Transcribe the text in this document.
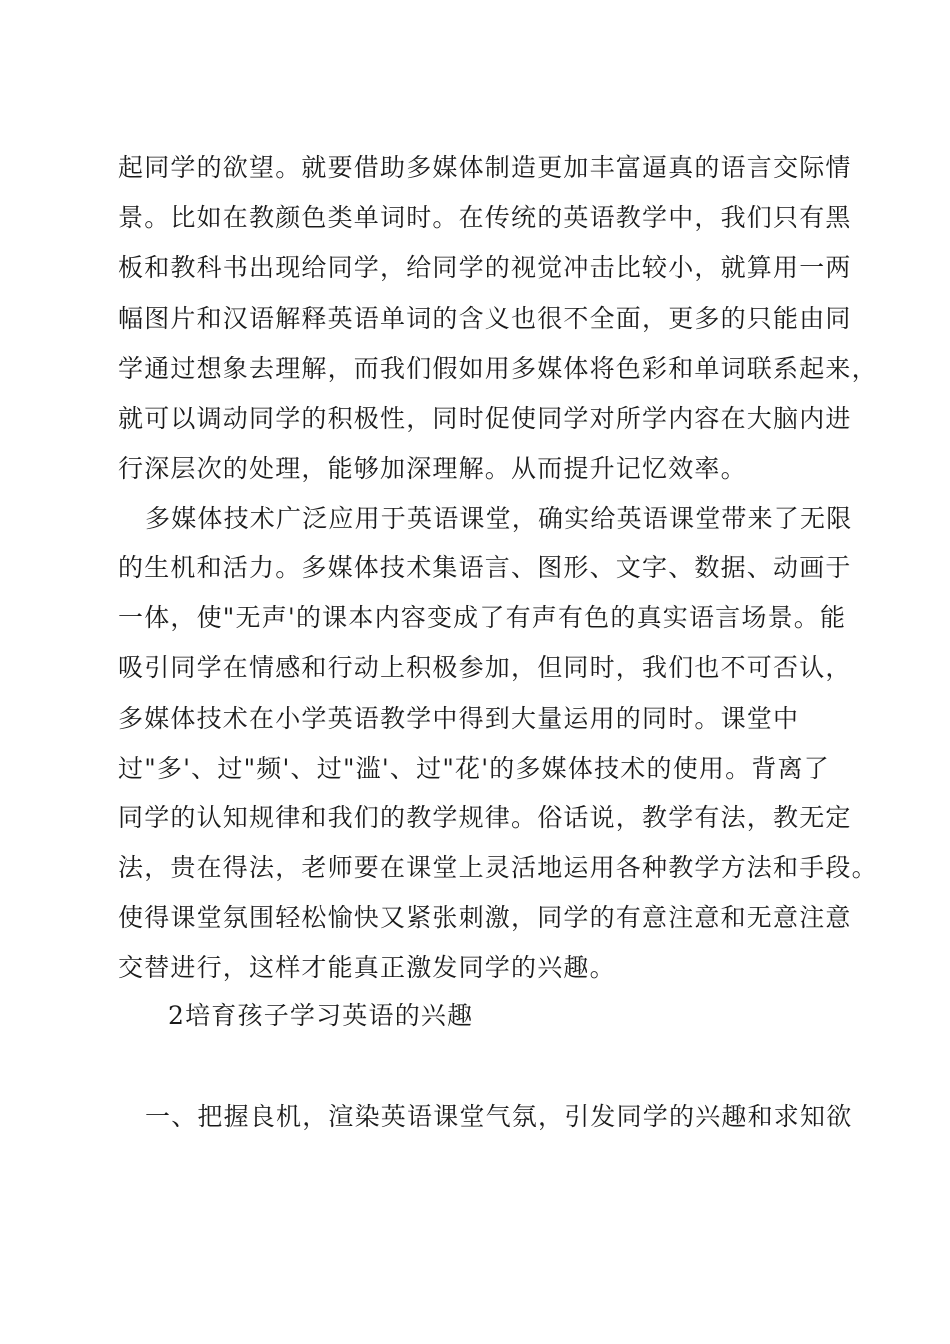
起同学的欲望。就要借助多媒体制造更加丰富逼真的语言交际情
景。比如在教颜色类单词时。在传统的英语教学中，我们只有黑
板和教科书出现给同学，给同学的视觉冲击比较小，就算用一两
幅图片和汉语解释英语单词的含义也很不全面，更多的只能由同
学通过想象去理解，而我们假如用多媒体将色彩和单词联系起来，
就可以调动同学的积极性，同时促使同学对所学内容在大脑内进
行深层次的处理，能够加深理解。从而提升记忆效率。
多媒体技术广泛应用于英语课堂，确实给英语课堂带来了无限
的生机和活力。多媒体技术集语言、图形、文字、数据、动画于
一体，使"无声'的课本内容变成了有声有色的真实语言场景。能
吸引同学在情感和行动上积极参加，但同时，我们也不可否认，
多媒体技术在小学英语教学中得到大量运用的同时。课堂中
过"多'、过"频'、过"滥'、过"花'的多媒体技术的使用。背离了
同学的认知规律和我们的教学规律。俗话说，教学有法，教无定
法，贵在得法，老师要在课堂上灵活地运用各种教学方法和手段。
使得课堂氛围轻松愉快又紧张刺激，同学的有意注意和无意注意
交替进行，这样才能真正激发同学的兴趣。
2培育孩子学习英语的兴趣
一、把握良机，渲染英语课堂气氛，引发同学的兴趣和求知欲
